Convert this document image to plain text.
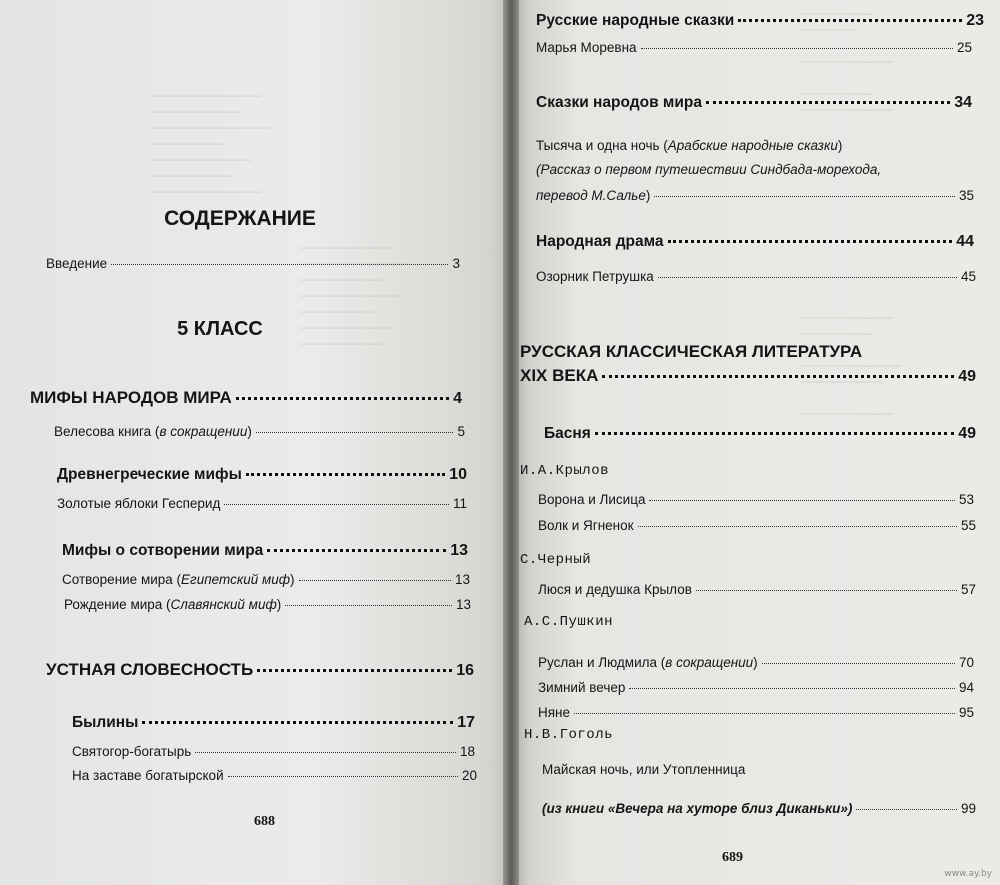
────────────
──────────
─────────────
────────
───────────
─────────
────────────
──────────
────────────
─────────
───────────
────────
──────────
─────────
СОДЕРЖАНИЕ
Введение	3
5 КЛАСС
МИФЫ НАРОДОВ МИРА	4
Велесова книга ( в сокращении )	5
Древнегреческие мифы	10
Золотые яблоки Гесперид	11
Мифы о сотворении мира	13
Сотворение мира ( Египетский миф )	13
Рождение мира ( Славянский миф )	13
УСТНАЯ СЛОВЕСНОСТЬ	16
Былины	17
Святогор-богатырь	18
На заставе богатырской	20
688
────────
──────

──────────

────────
──────────
──────────
────────

───────────
─────────

──────────
Русские народные сказки	23
Марья Моревна	25
Сказки народов мира	34
Тысяча и одна ночь (Арабские народные сказки)
(Рассказ о первом путешествии Синдбада-морехода,
перевод М.Салье )	35
Народная драма	44
Озорник Петрушка	45
РУССКАЯ КЛАССИЧЕСКАЯ ЛИТЕРАТУРА
XIX ВЕКА	49
Басня	49
И.А.Крылов
Ворона и Лисица	53
Волк и Ягненок	55
С.Черный
Люся и дедушка Крылов	57
А.С.Пушкин
Руслан и Людмила ( в сокращении )	70
Зимний вечер	94
Няне	95
Н.В.Гоголь
Майская ночь, или Утопленница
(из книги «Вечера на хуторе близ Диканьки»)	99
689
www.ay.by
